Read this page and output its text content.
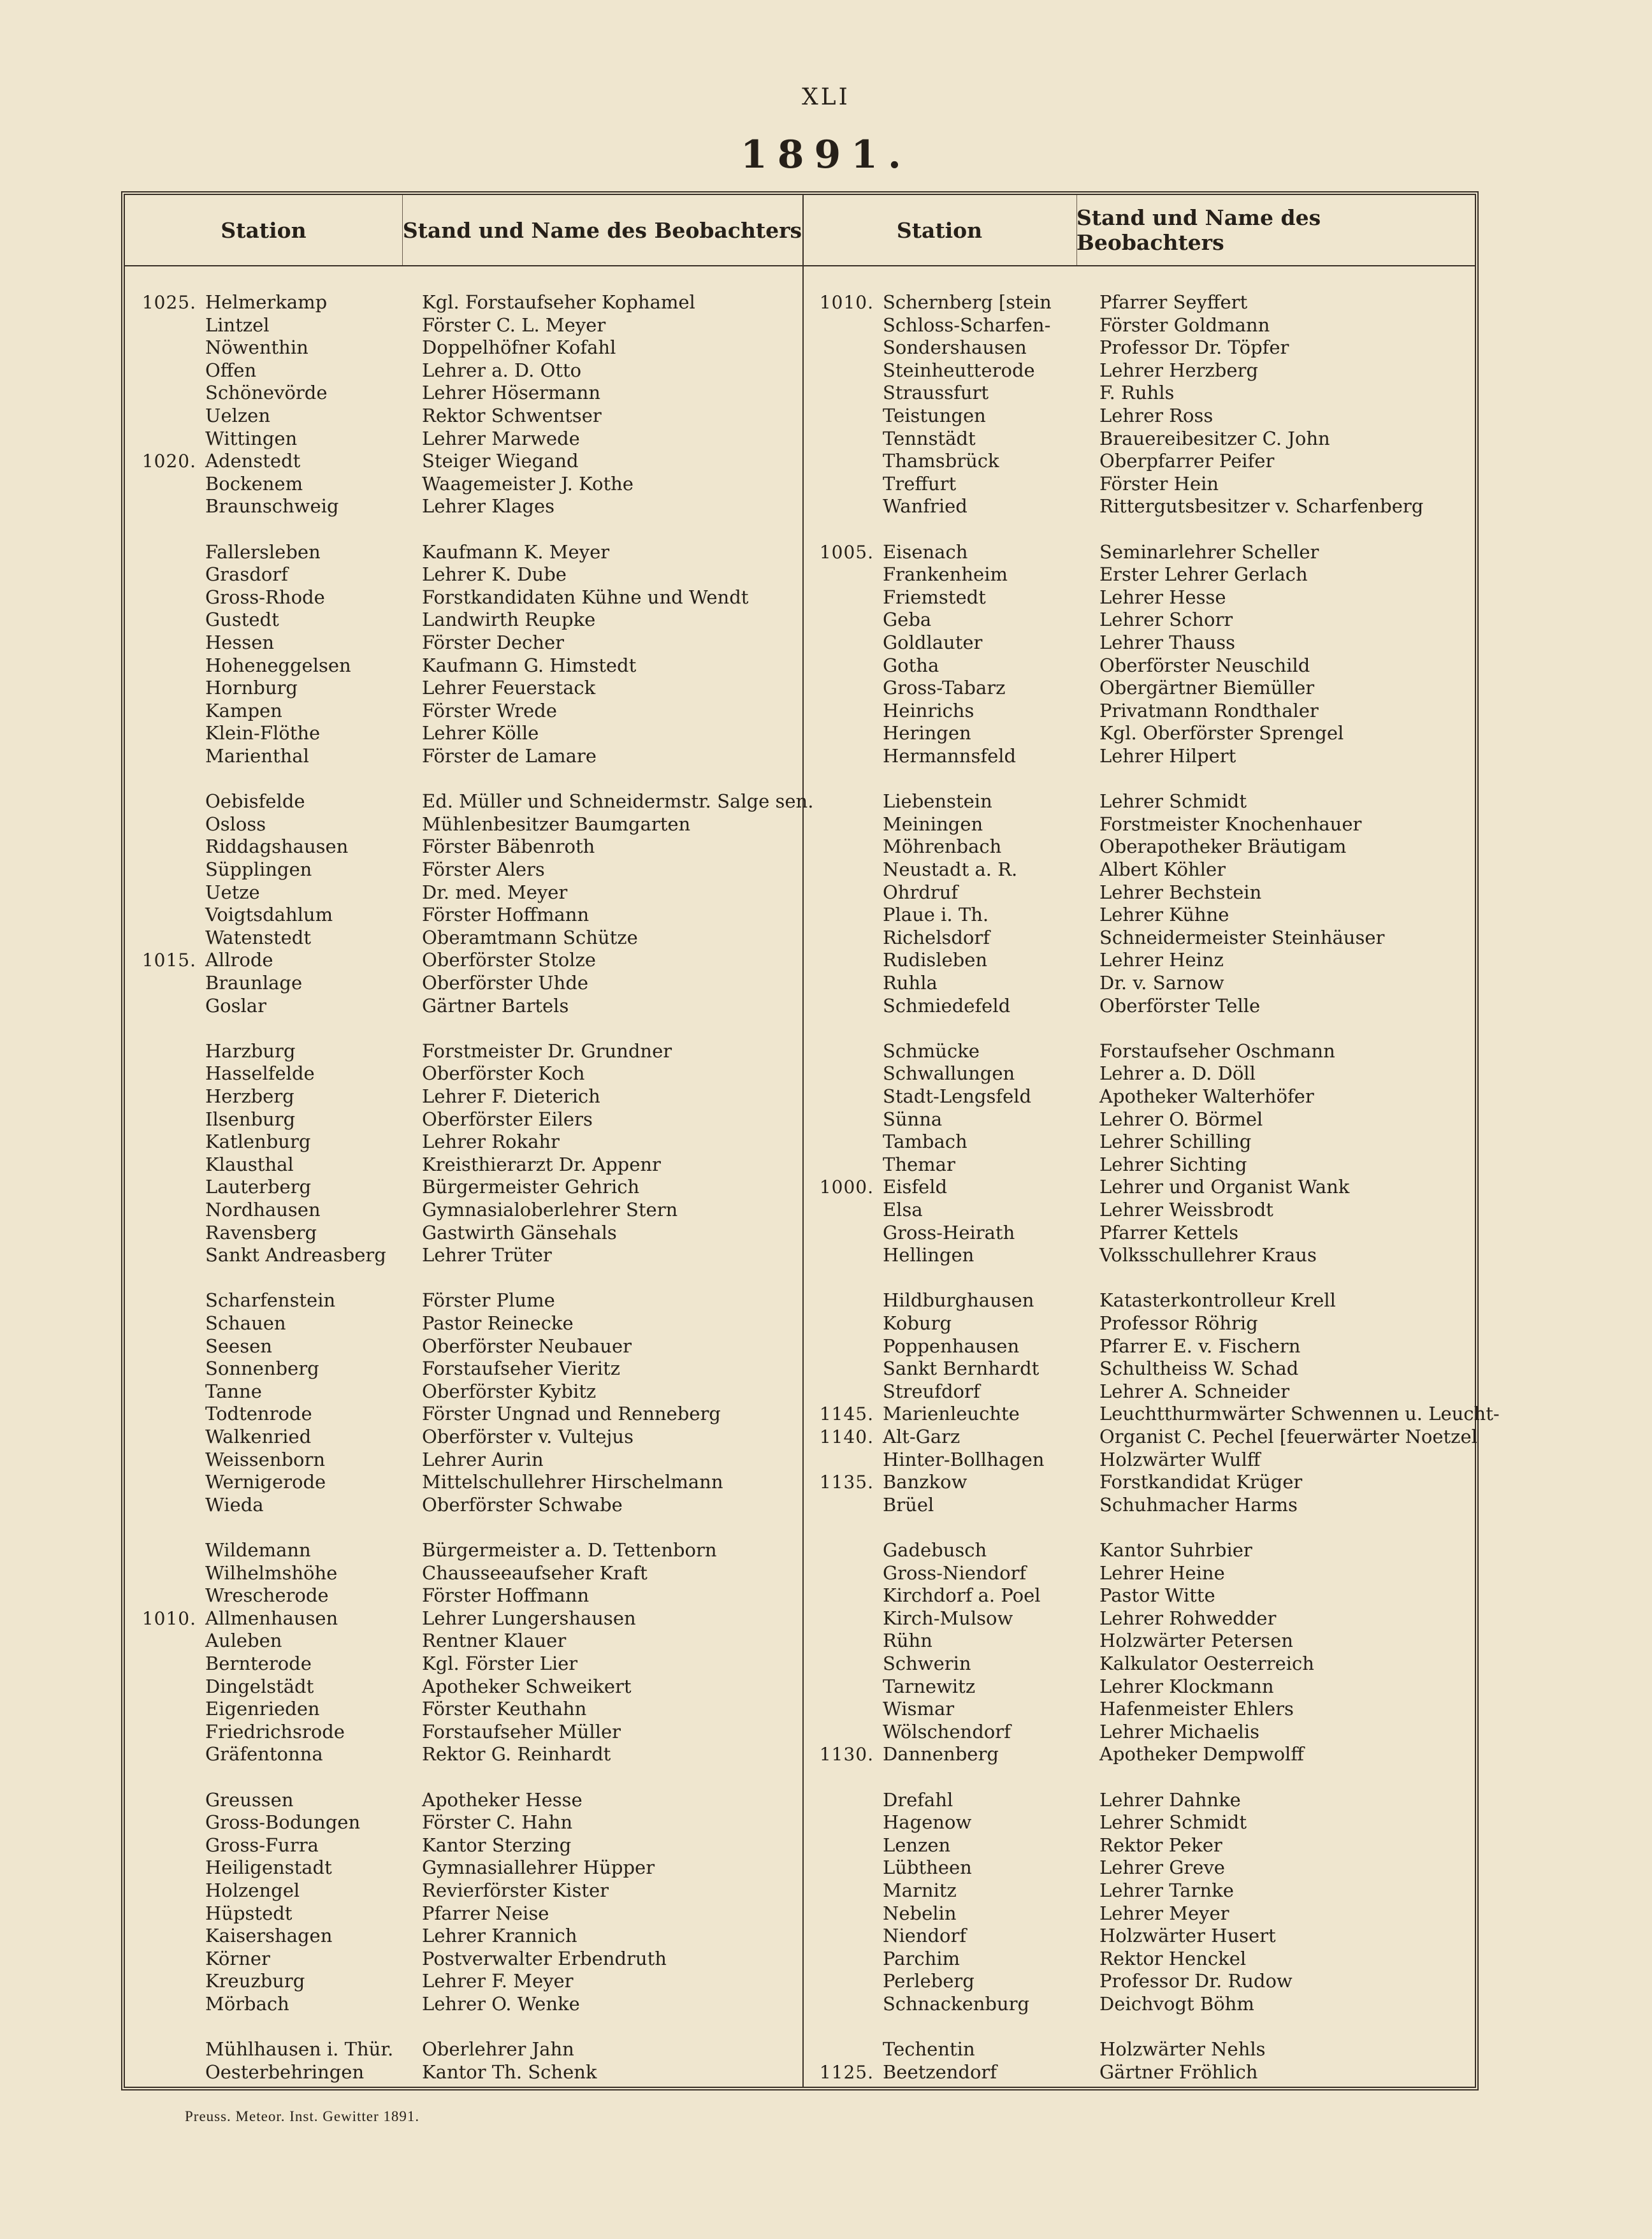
XLI
1891.
Station	Stand und Name des Beobachters	Station	Stand und Name des Beobachters
1025. Helmerkamp	Kgl. Forstaufseher Kophamel
Lintzel	Förster C. L. Meyer
Nöwenthin	Doppelhöfner Kofahl
Offen	Lehrer a. D. Otto
Schönevörde	Lehrer Hösermann
Uelzen	Rektor Schwentser
Wittingen	Lehrer Marwede
1020. Adenstedt	Steiger Wiegand
Bockenem	Waagemeister J. Kothe
Braunschweig	Lehrer Klages
Fallersleben	Kaufmann K. Meyer
Grasdorf	Lehrer K. Dube
Gross-Rhode	Forstkandidaten Kühne und Wendt
Gustedt	Landwirth Reupke
Hessen	Förster Decher
Hoheneggelsen	Kaufmann G. Himstedt
Hornburg	Lehrer Feuerstack
Kampen	Förster Wrede
Klein-Flöthe	Lehrer Kölle
Marienthal	Förster de Lamare
Oebisfelde	Ed. Müller und Schneidermstr. Salge sen.
Osloss	Mühlenbesitzer Baumgarten
Riddagshausen	Förster Bäbenroth
Süpplingen	Förster Alers
Uetze	Dr. med. Meyer
Voigtsdahlum	Förster Hoffmann
Watenstedt	Oberamtmann Schütze
1015. Allrode	Oberförster Stolze
Braunlage	Oberförster Uhde
Goslar	Gärtner Bartels
Harzburg	Forstmeister Dr. Grundner
Hasselfelde	Oberförster Koch
Herzberg	Lehrer F. Dieterich
Ilsenburg	Oberförster Eilers
Katlenburg	Lehrer Rokahr
Klausthal	Kreisthierarzt Dr. Appenr
Lauterberg	Bürgermeister Gehrich
Nordhausen	Gymnasialoberlehrer Stern
Ravensberg	Gastwirth Gänsehals
Sankt Andreasberg	Lehrer Trüter
Scharfenstein	Förster Plume
Schauen	Pastor Reinecke
Seesen	Oberförster Neubauer
Sonnenberg	Forstaufseher Vieritz
Tanne	Oberförster Kybitz
Todtenrode	Förster Ungnad und Renneberg
Walkenried	Oberförster v. Vultejus
Weissenborn	Lehrer Aurin
Wernigerode	Mittelschullehrer Hirschelmann
Wieda	Oberförster Schwabe
Wildemann	Bürgermeister a. D. Tettenborn
Wilhelmshöhe	Chausseeaufseher Kraft
Wrescherode	Förster Hoffmann
1010. Allmenhausen	Lehrer Lungershausen
Auleben	Rentner Klauer
Bernterode	Kgl. Förster Lier
Dingelstädt	Apotheker Schweikert
Eigenrieden	Förster Keuthahn
Friedrichsrode	Forstaufseher Müller
Gräfentonna	Rektor G. Reinhardt
Greussen	Apotheker Hesse
Gross-Bodungen	Förster C. Hahn
Gross-Furra	Kantor Sterzing
Heiligenstadt	Gymnasiallehrer Hüpper
Holzengel	Revierförster Kister
Hüpstedt	Pfarrer Neise
Kaisershagen	Lehrer Krannich
Körner	Postverwalter Erbendruth
Kreuzburg	Lehrer F. Meyer
Mörbach	Lehrer O. Wenke
Mühlhausen i. Thür.	Oberlehrer Jahn
Oesterbehringen	Kantor Th. Schenk
1010. Schernberg [stein	Pfarrer Seyffert
Schloss-Scharfen-	Förster Goldmann
Sondershausen	Professor Dr. Töpfer
Steinheutterode	Lehrer Herzberg
Straussfurt	F. Ruhls
Teistungen	Lehrer Ross
Tennstädt	Brauereibesitzer C. John
Thamsbrück	Oberpfarrer Peifer
Treffurt	Förster Hein
Wanfried	Rittergutsbesitzer v. Scharfenberg
1005. Eisenach	Seminarlehrer Scheller
Frankenheim	Erster Lehrer Gerlach
Friemstedt	Lehrer Hesse
Geba	Lehrer Schorr
Goldlauter	Lehrer Thauss
Gotha	Oberförster Neuschild
Gross-Tabarz	Obergärtner Biemüller
Heinrichs	Privatmann Rondthaler
Heringen	Kgl. Oberförster Sprengel
Hermannsfeld	Lehrer Hilpert
Liebenstein	Lehrer Schmidt
Meiningen	Forstmeister Knochenhauer
Möhrenbach	Oberapotheker Bräutigam
Neustadt a. R.	Albert Köhler
Ohrdruf	Lehrer Bechstein
Plaue i. Th.	Lehrer Kühne
Richelsdorf	Schneidermeister Steinhäuser
Rudisleben	Lehrer Heinz
Ruhla	Dr. v. Sarnow
Schmiedefeld	Oberförster Telle
Schmücke	Forstaufseher Oschmann
Schwallungen	Lehrer a. D. Döll
Stadt-Lengsfeld	Apotheker Walterhöfer
Sünna	Lehrer O. Börmel
Tambach	Lehrer Schilling
Themar	Lehrer Sichting
1000. Eisfeld	Lehrer und Organist Wank
Elsa	Lehrer Weissbrodt
Gross-Heirath	Pfarrer Kettels
Hellingen	Volksschullehrer Kraus
Hildburghausen	Katasterkontrolleur Krell
Koburg	Professor Röhrig
Poppenhausen	Pfarrer E. v. Fischern
Sankt Bernhardt	Schultheiss W. Schad
Streufdorf	Lehrer A. Schneider
1145. Marienleuchte	Leuchtthurmwärter Schwennen u. Leucht-
1140. Alt-Garz	Organist C. Pechel [feuerwärter Noetzel
Hinter-Bollhagen	Holzwärter Wulff
1135. Banzkow	Forstkandidat Krüger
Brüel	Schuhmacher Harms
Gadebusch	Kantor Suhrbier
Gross-Niendorf	Lehrer Heine
Kirchdorf a. Poel	Pastor Witte
Kirch-Mulsow	Lehrer Rohwedder
Rühn	Holzwärter Petersen
Schwerin	Kalkulator Oesterreich
Tarnewitz	Lehrer Klockmann
Wismar	Hafenmeister Ehlers
Wölschendorf	Lehrer Michaelis
1130. Dannenberg	Apotheker Dempwolff
Drefahl	Lehrer Dahnke
Hagenow	Lehrer Schmidt
Lenzen	Rektor Peker
Lübtheen	Lehrer Greve
Marnitz	Lehrer Tarnke
Nebelin	Lehrer Meyer
Niendorf	Holzwärter Husert
Parchim	Rektor Henckel
Perleberg	Professor Dr. Rudow
Schnackenburg	Deichvogt Böhm
Techentin	Holzwärter Nehls
1125. Beetzendorf	Gärtner Fröhlich
Preuss. Meteor. Inst. Gewitter 1891.
